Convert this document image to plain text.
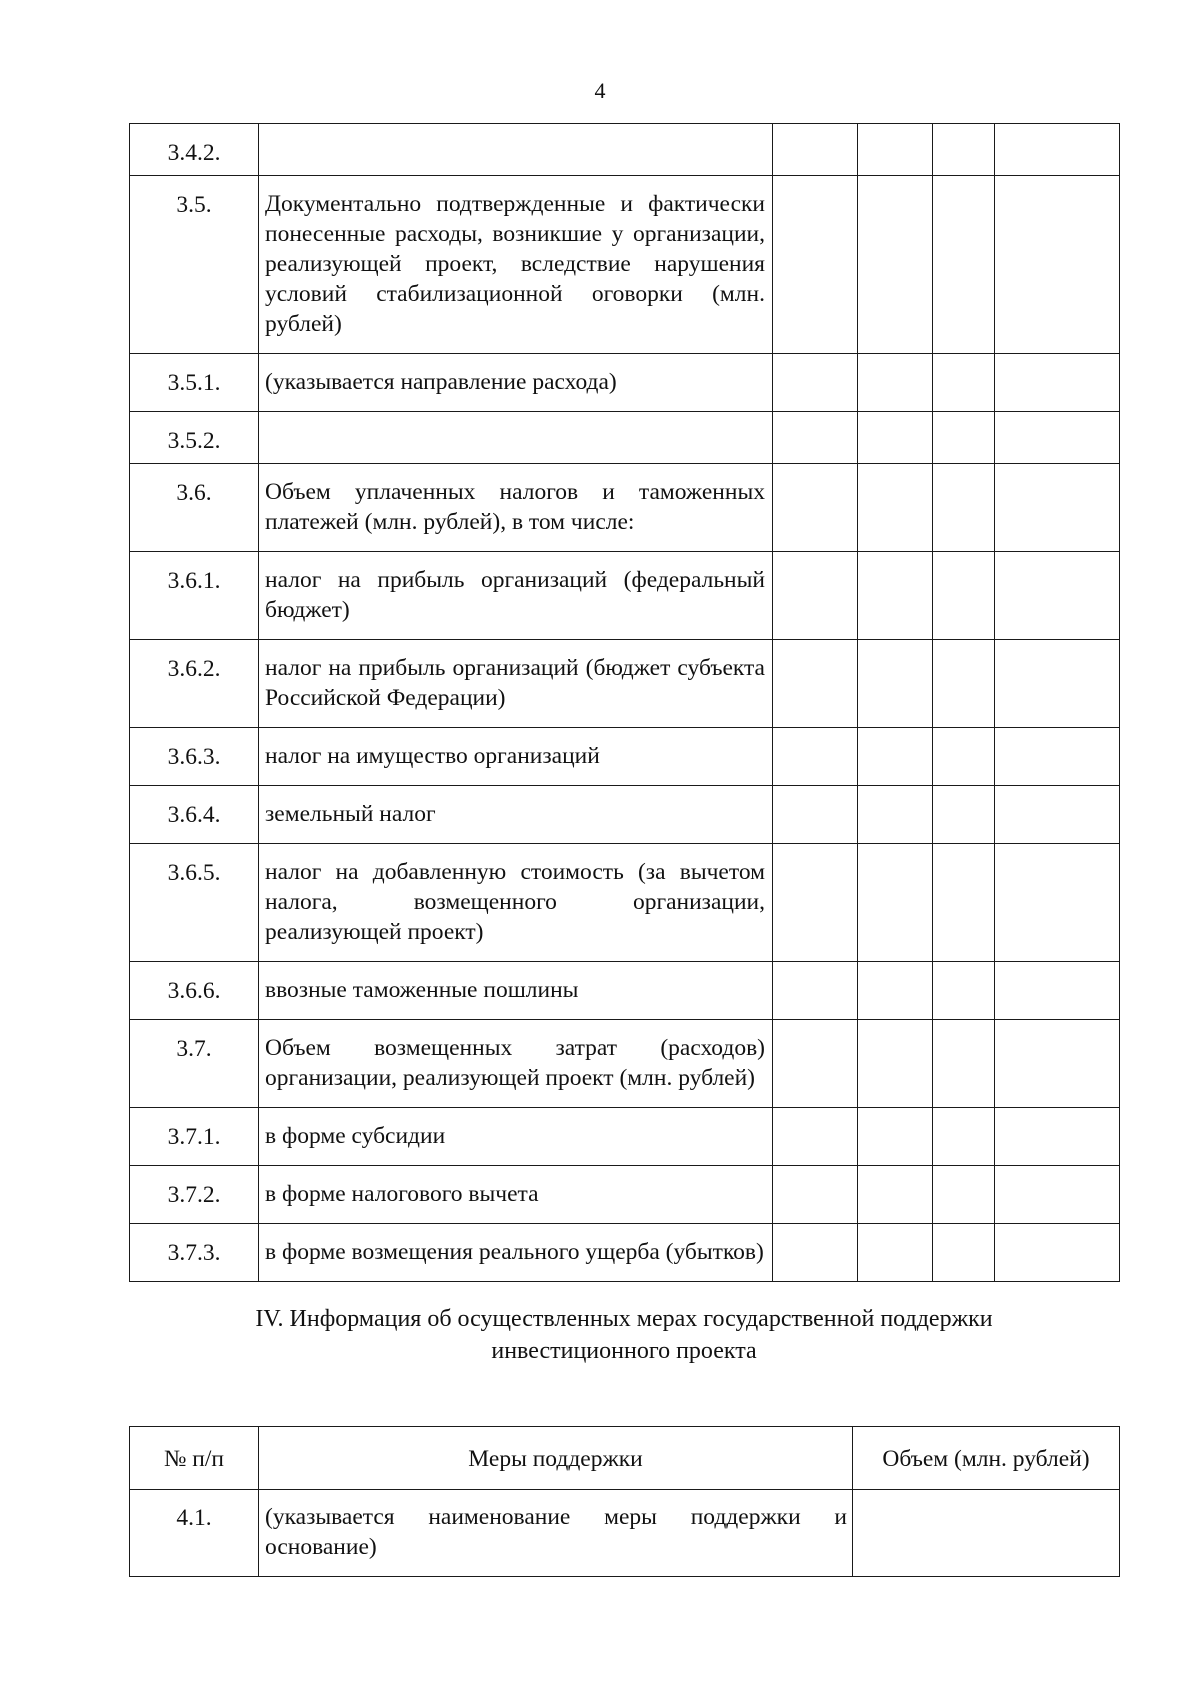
4
3.4.2.					
3.5.	Документально подтвержденные и фактически понесенные расходы, возникшие у организации, реализующей проект, вследствие нарушения условий стабилизационной оговорки (млн. рублей)				
3.5.1.	(указывается направление расхода)				
3.5.2.					
3.6.	Объем уплаченных налогов и таможенных платежей (млн. рублей), в том числе:				
3.6.1.	налог на прибыль организаций (федеральный бюджет)				
3.6.2.	налог на прибыль организаций (бюджет субъекта Российской Федерации)				
3.6.3.	налог на имущество организаций				
3.6.4.	земельный налог				
3.6.5.	налог на добавленную стоимость (за вычетом налога, возмещенного организации, реализующей проект)				
3.6.6.	ввозные таможенные пошлины				
3.7.	Объем возмещенных затрат (расходов) организации, реализующей проект (млн. рублей)				
3.7.1.	в форме субсидии				
3.7.2.	в форме налогового вычета				
3.7.3.	в форме возмещения реального ущерба (убытков)				
IV. Информация об осуществленных мерах государственной поддержки
инвестиционного проекта
№ п/п	Меры поддержки	Объем (млн. рублей)
4.1.	(указывается наименование меры поддержки и основание)	
